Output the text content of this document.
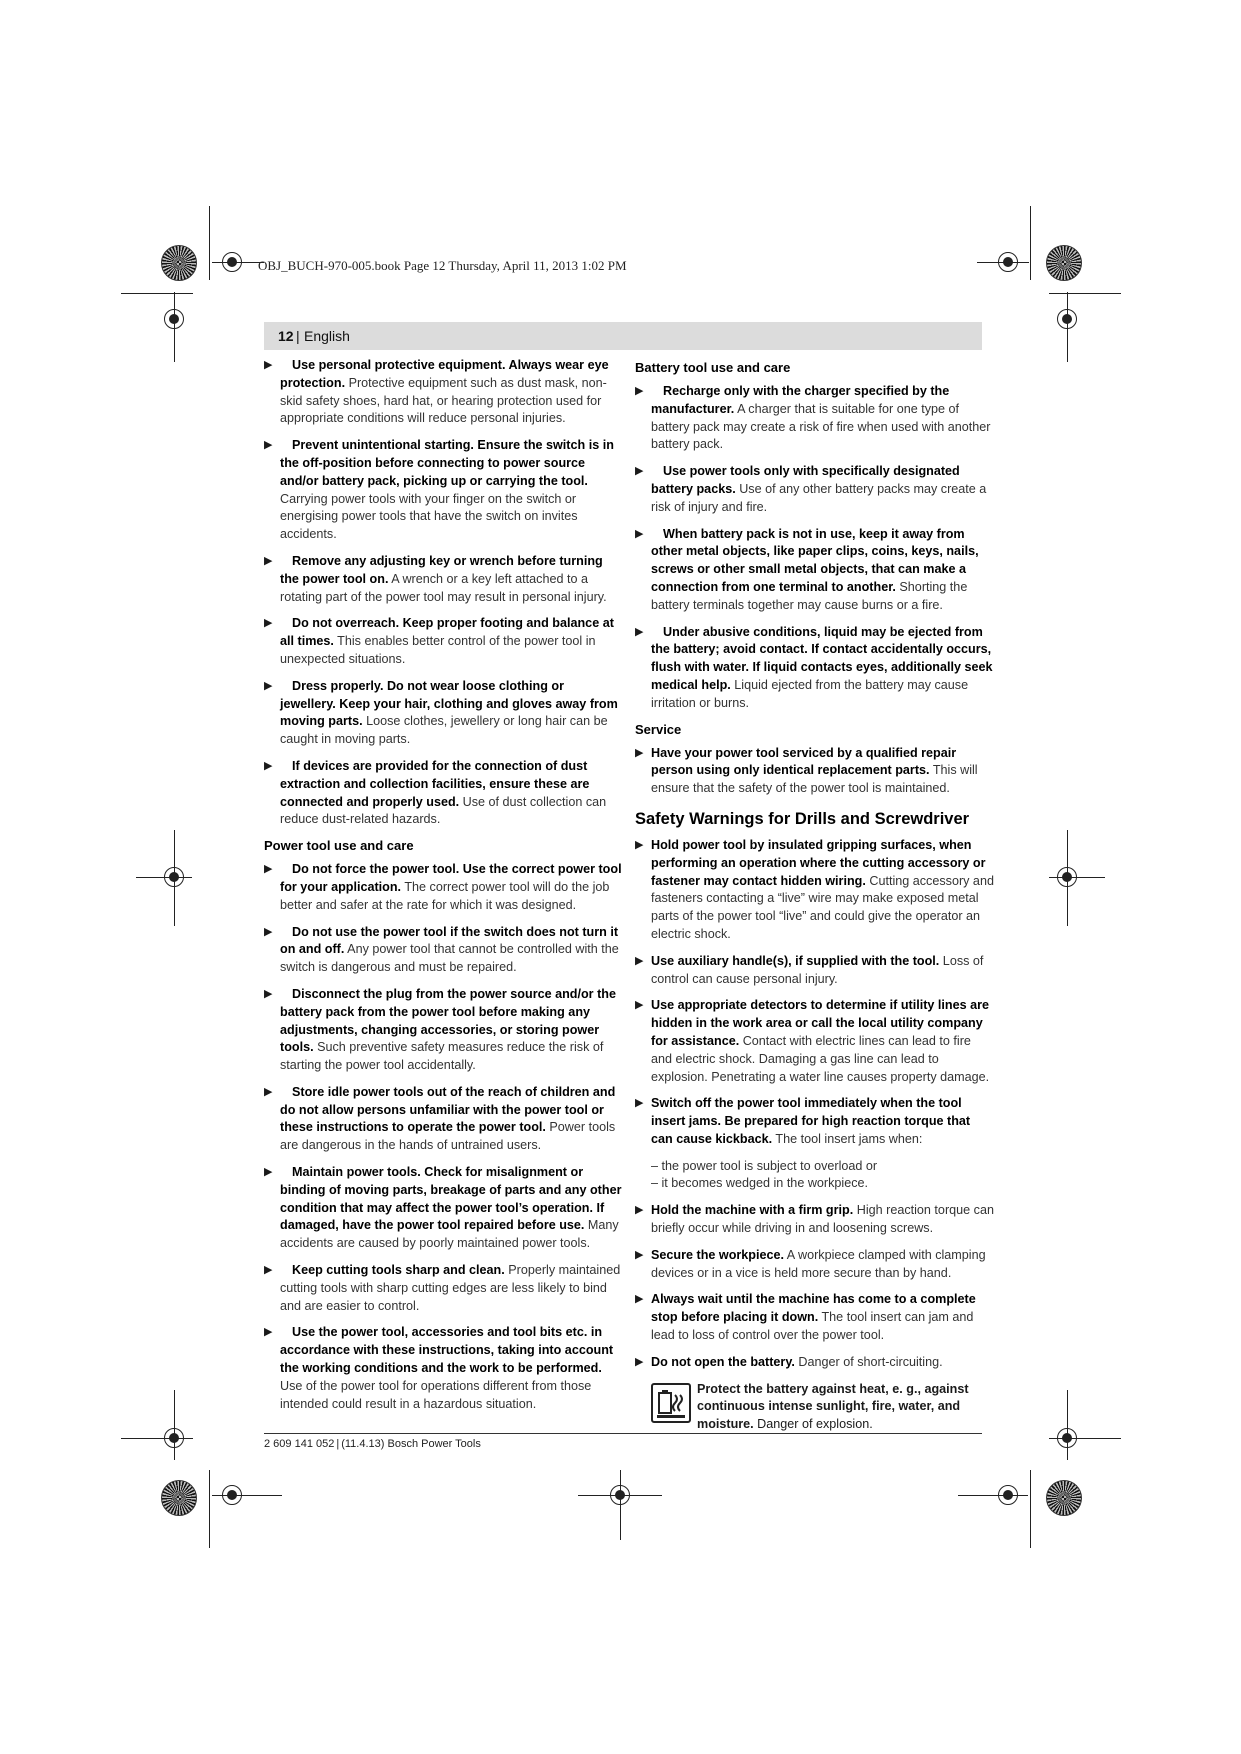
OBJ_BUCH-970-005.book Page 12 Thursday, April 11, 2013 1:02 PM
12 | English
▶ Use personal protective equipment. Always wear eye protection. Protective equipment such as dust mask, non-skid safety shoes, hard hat, or hearing protection used for appropriate conditions will reduce personal injuries.
▶ Prevent unintentional starting. Ensure the switch is in the off-position before connecting to power source and/or battery pack, picking up or carrying the tool. Carrying power tools with your finger on the switch or energising power tools that have the switch on invites accidents.
▶ Remove any adjusting key or wrench before turning the power tool on. A wrench or a key left attached to a rotating part of the power tool may result in personal injury.
▶ Do not overreach. Keep proper footing and balance at all times. This enables better control of the power tool in unexpected situations.
▶ Dress properly. Do not wear loose clothing or jewellery. Keep your hair, clothing and gloves away from moving parts. Loose clothes, jewellery or long hair can be caught in moving parts.
▶ If devices are provided for the connection of dust extraction and collection facilities, ensure these are connected and properly used. Use of dust collection can reduce dust-related hazards.
Power tool use and care
▶ Do not force the power tool. Use the correct power tool for your application. The correct power tool will do the job better and safer at the rate for which it was designed.
▶ Do not use the power tool if the switch does not turn it on and off. Any power tool that cannot be controlled with the switch is dangerous and must be repaired.
▶ Disconnect the plug from the power source and/or the battery pack from the power tool before making any adjustments, changing accessories, or storing power tools. Such preventive safety measures reduce the risk of starting the power tool accidentally.
▶ Store idle power tools out of the reach of children and do not allow persons unfamiliar with the power tool or these instructions to operate the power tool. Power tools are dangerous in the hands of untrained users.
▶ Maintain power tools. Check for misalignment or binding of moving parts, breakage of parts and any other condition that may affect the power tool’s operation. If damaged, have the power tool repaired before use. Many accidents are caused by poorly maintained power tools.
▶ Keep cutting tools sharp and clean. Properly maintained cutting tools with sharp cutting edges are less likely to bind and are easier to control.
▶ Use the power tool, accessories and tool bits etc. in accordance with these instructions, taking into account the working conditions and the work to be performed. Use of the power tool for operations different from those intended could result in a hazardous situation.
Battery tool use and care
▶ Recharge only with the charger specified by the manufacturer. A charger that is suitable for one type of battery pack may create a risk of fire when used with another battery pack.
▶ Use power tools only with specifically designated battery packs. Use of any other battery packs may create a risk of injury and fire.
▶ When battery pack is not in use, keep it away from other metal objects, like paper clips, coins, keys, nails, screws or other small metal objects, that can make a connection from one terminal to another. Shorting the battery terminals together may cause burns or a fire.
▶ Under abusive conditions, liquid may be ejected from the battery; avoid contact. If contact accidentally occurs, flush with water. If liquid contacts eyes, additionally seek medical help. Liquid ejected from the battery may cause irritation or burns.
Service
▶ Have your power tool serviced by a qualified repair person using only identical replacement parts. This will ensure that the safety of the power tool is maintained.
Safety Warnings for Drills and Screwdriver
▶ Hold power tool by insulated gripping surfaces, when performing an operation where the cutting accessory or fastener may contact hidden wiring. Cutting accessory and fasteners contacting a “live” wire may make exposed metal parts of the power tool “live” and could give the operator an electric shock.
▶ Use auxiliary handle(s), if supplied with the tool. Loss of control can cause personal injury.
▶ Use appropriate detectors to determine if utility lines are hidden in the work area or call the local utility company for assistance. Contact with electric lines can lead to fire and electric shock. Damaging a gas line can lead to explosion. Penetrating a water line causes property damage.
▶ Switch off the power tool immediately when the tool insert jams. Be prepared for high reaction torque that can cause kickback. The tool insert jams when:
– the power tool is subject to overload or
– it becomes wedged in the workpiece.
▶ Hold the machine with a firm grip. High reaction torque can briefly occur while driving in and loosening screws.
▶ Secure the workpiece. A workpiece clamped with clamping devices or in a vice is held more secure than by hand.
▶ Always wait until the machine has come to a complete stop before placing it down. The tool insert can jam and lead to loss of control over the power tool.
▶ Do not open the battery. Danger of short-circuiting.
Protect the battery against heat, e. g., against continuous intense sunlight, fire, water, and moisture. Danger of explosion.
2 609 141 052 | (11.4.13) Bosch Power Tools
